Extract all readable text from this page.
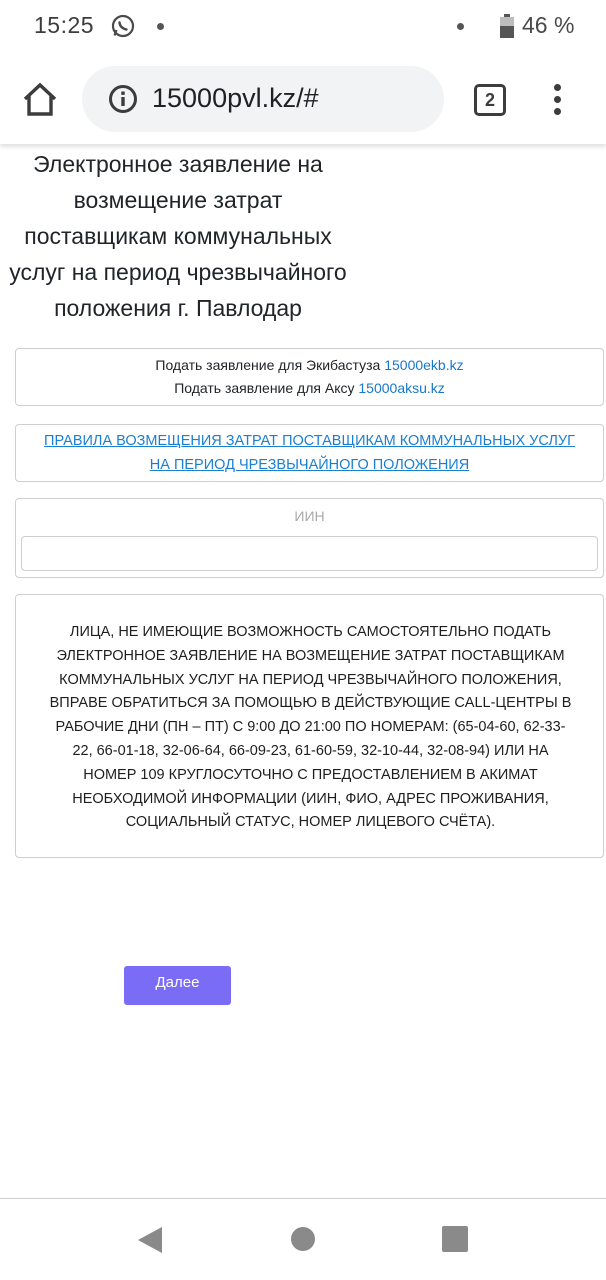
15:25	46 %
15000pvl.kz/#	2
Электронное заявление на
возмещение затрат
поставщикам коммунальных
услуг на период чрезвычайного
положения г. Павлодар
Подать заявление для Экибастуза 15000ekb.kz
Подать заявление для Аксу 15000aksu.kz
ПРАВИЛА ВОЗМЕЩЕНИЯ ЗАТРАТ ПОСТАВЩИКАМ КОММУНАЛЬНЫХ УСЛУГ
НА ПЕРИОД ЧРЕЗВЫЧАЙНОГО ПОЛОЖЕНИЯ
ИИН
ЛИЦА, НЕ ИМЕЮЩИЕ ВОЗМОЖНОСТЬ САМОСТОЯТЕЛЬНО ПОДАТЬ
ЭЛЕКТРОННОЕ ЗАЯВЛЕНИЕ НА ВОЗМЕЩЕНИЕ ЗАТРАТ ПОСТАВЩИКАМ
КОММУНАЛЬНЫХ УСЛУГ НА ПЕРИОД ЧРЕЗВЫЧАЙНОГО ПОЛОЖЕНИЯ,
ВПРАВЕ ОБРАТИТЬСЯ ЗА ПОМОЩЬЮ В ДЕЙСТВУЮЩИЕ CALL-ЦЕНТРЫ В
РАБОЧИЕ ДНИ (ПН – ПТ) С 9:00 ДО 21:00 ПО НОМЕРАМ: (65-04-60, 62-33-
22, 66-01-18, 32-06-64, 66-09-23, 61-60-59, 32-10-44, 32-08-94) ИЛИ НА
НОМЕР 109 КРУГЛОСУТОЧНО С ПРЕДОСТАВЛЕНИЕМ В АКИМАТ
НЕОБХОДИМОЙ ИНФОРМАЦИИ (ИИН, ФИО, АДРЕС ПРОЖИВАНИЯ,
СОЦИАЛЬНЫЙ СТАТУС, НОМЕР ЛИЦЕВОГО СЧЁТА).
Далее
